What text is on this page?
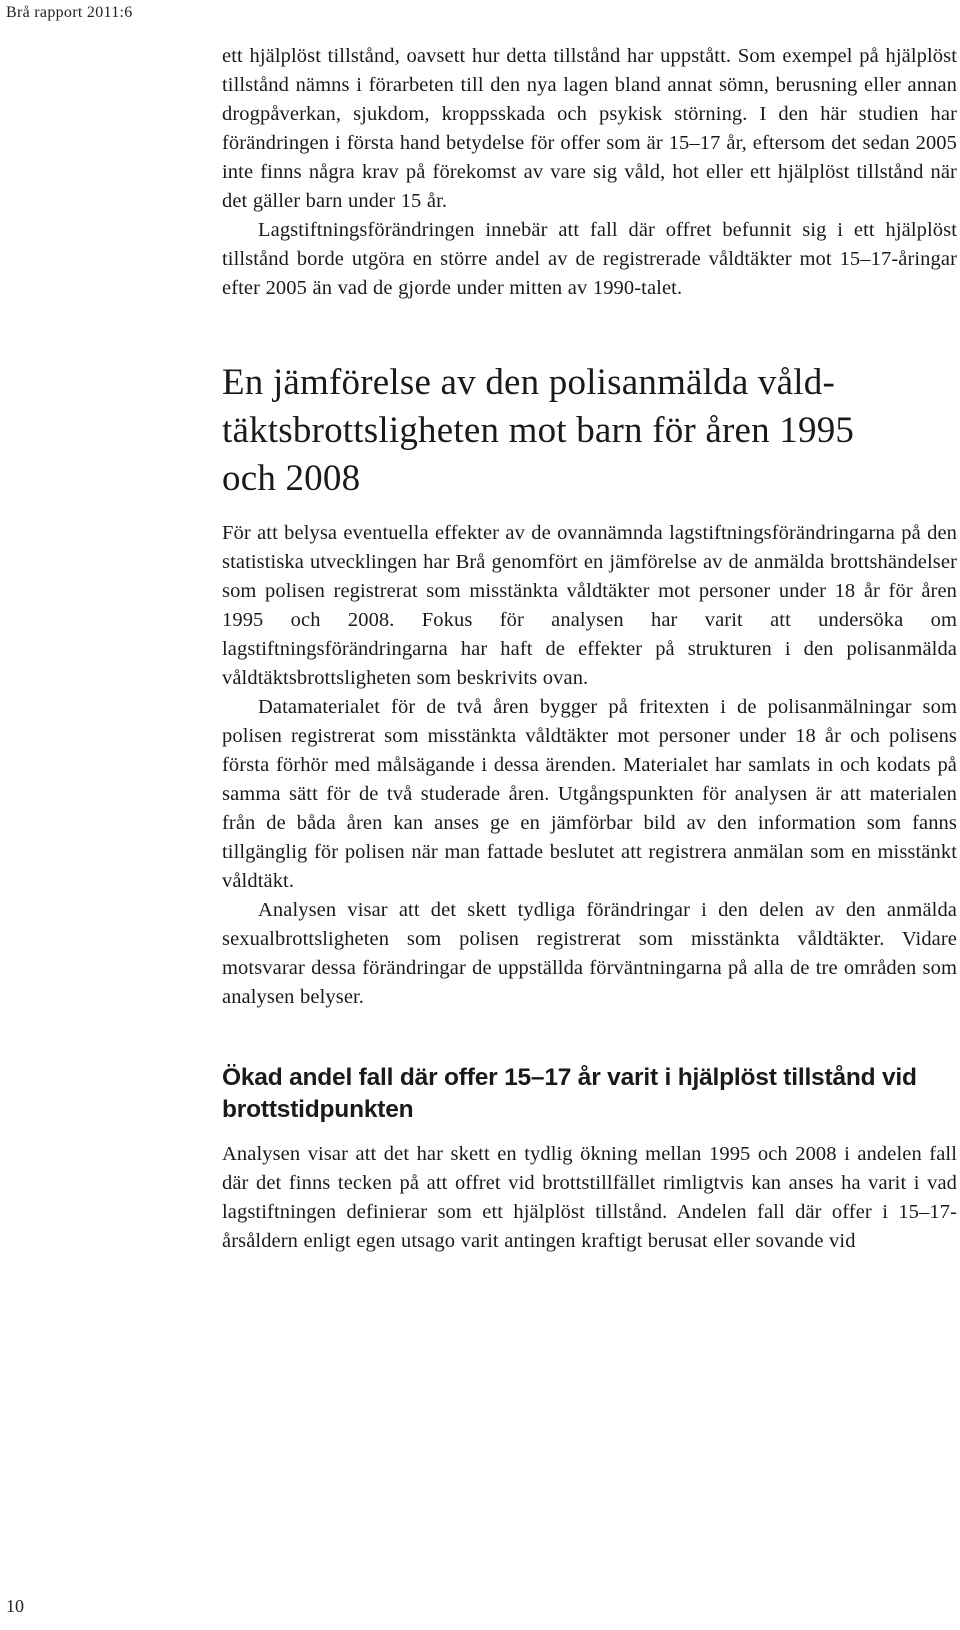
Brå rapport 2011:6

ett hjälplöst tillstånd, oavsett hur detta tillstånd har uppstått. Som exempel på hjälplöst tillstånd nämns i förarbeten till den nya lagen bland annat sömn, berusning eller annan drogpåverkan, sjukdom, kroppsskada och psykisk störning. I den här studien har förändringen i första hand betydelse för offer som är 15–17 år, eftersom det sedan 2005 inte finns några krav på förekomst av vare sig våld, hot eller ett hjälplöst tillstånd när det gäller barn under 15 år.

Lagstiftningsförändringen innebär att fall där offret befunnit sig i ett hjälplöst tillstånd borde utgöra en större andel av de registrerade våldtäkter mot 15–17-åringar efter 2005 än vad de gjorde under mitten av 1990-talet.

En jämförelse av den polisanmälda våldtäktsbrottsligheten mot barn för åren 1995 och 2008

För att belysa eventuella effekter av de ovannämnda lagstiftningsförändringarna på den statistiska utvecklingen har Brå genomfört en jämförelse av de anmälda brottshändelser som polisen registrerat som misstänkta våldtäkter mot personer under 18 år för åren 1995 och 2008. Fokus för analysen har varit att undersöka om lagstiftningsförändringarna har haft de effekter på strukturen i den polisanmälda våldtäktsbrottsligheten som beskrivits ovan.

Datamaterialet för de två åren bygger på fritexten i de polisanmälningar som polisen registrerat som misstänkta våldtäkter mot personer under 18 år och polisens första förhör med målsägande i dessa ärenden. Materialet har samlats in och kodats på samma sätt för de två studerade åren. Utgångspunkten för analysen är att materialen från de båda åren kan anses ge en jämförbar bild av den information som fanns tillgänglig för polisen när man fattade beslutet att registrera anmälan som en misstänkt våldtäkt.

Analysen visar att det skett tydliga förändringar i den delen av den anmälda sexualbrottsligheten som polisen registrerat som misstänkta våldtäkter. Vidare motsvarar dessa förändringar de uppställda förväntningarna på alla de tre områden som analysen belyser.

Ökad andel fall där offer 15–17 år varit i hjälplöst tillstånd vid brottstidpunkten

Analysen visar att det har skett en tydlig ökning mellan 1995 och 2008 i andelen fall där det finns tecken på att offret vid brottstillfället rimligtvis kan anses ha varit i vad lagstiftningen definierar som ett hjälplöst tillstånd. Andelen fall där offer i 15–17-årsåldern enligt egen utsago varit antingen kraftigt berusat eller sovande vid

10
